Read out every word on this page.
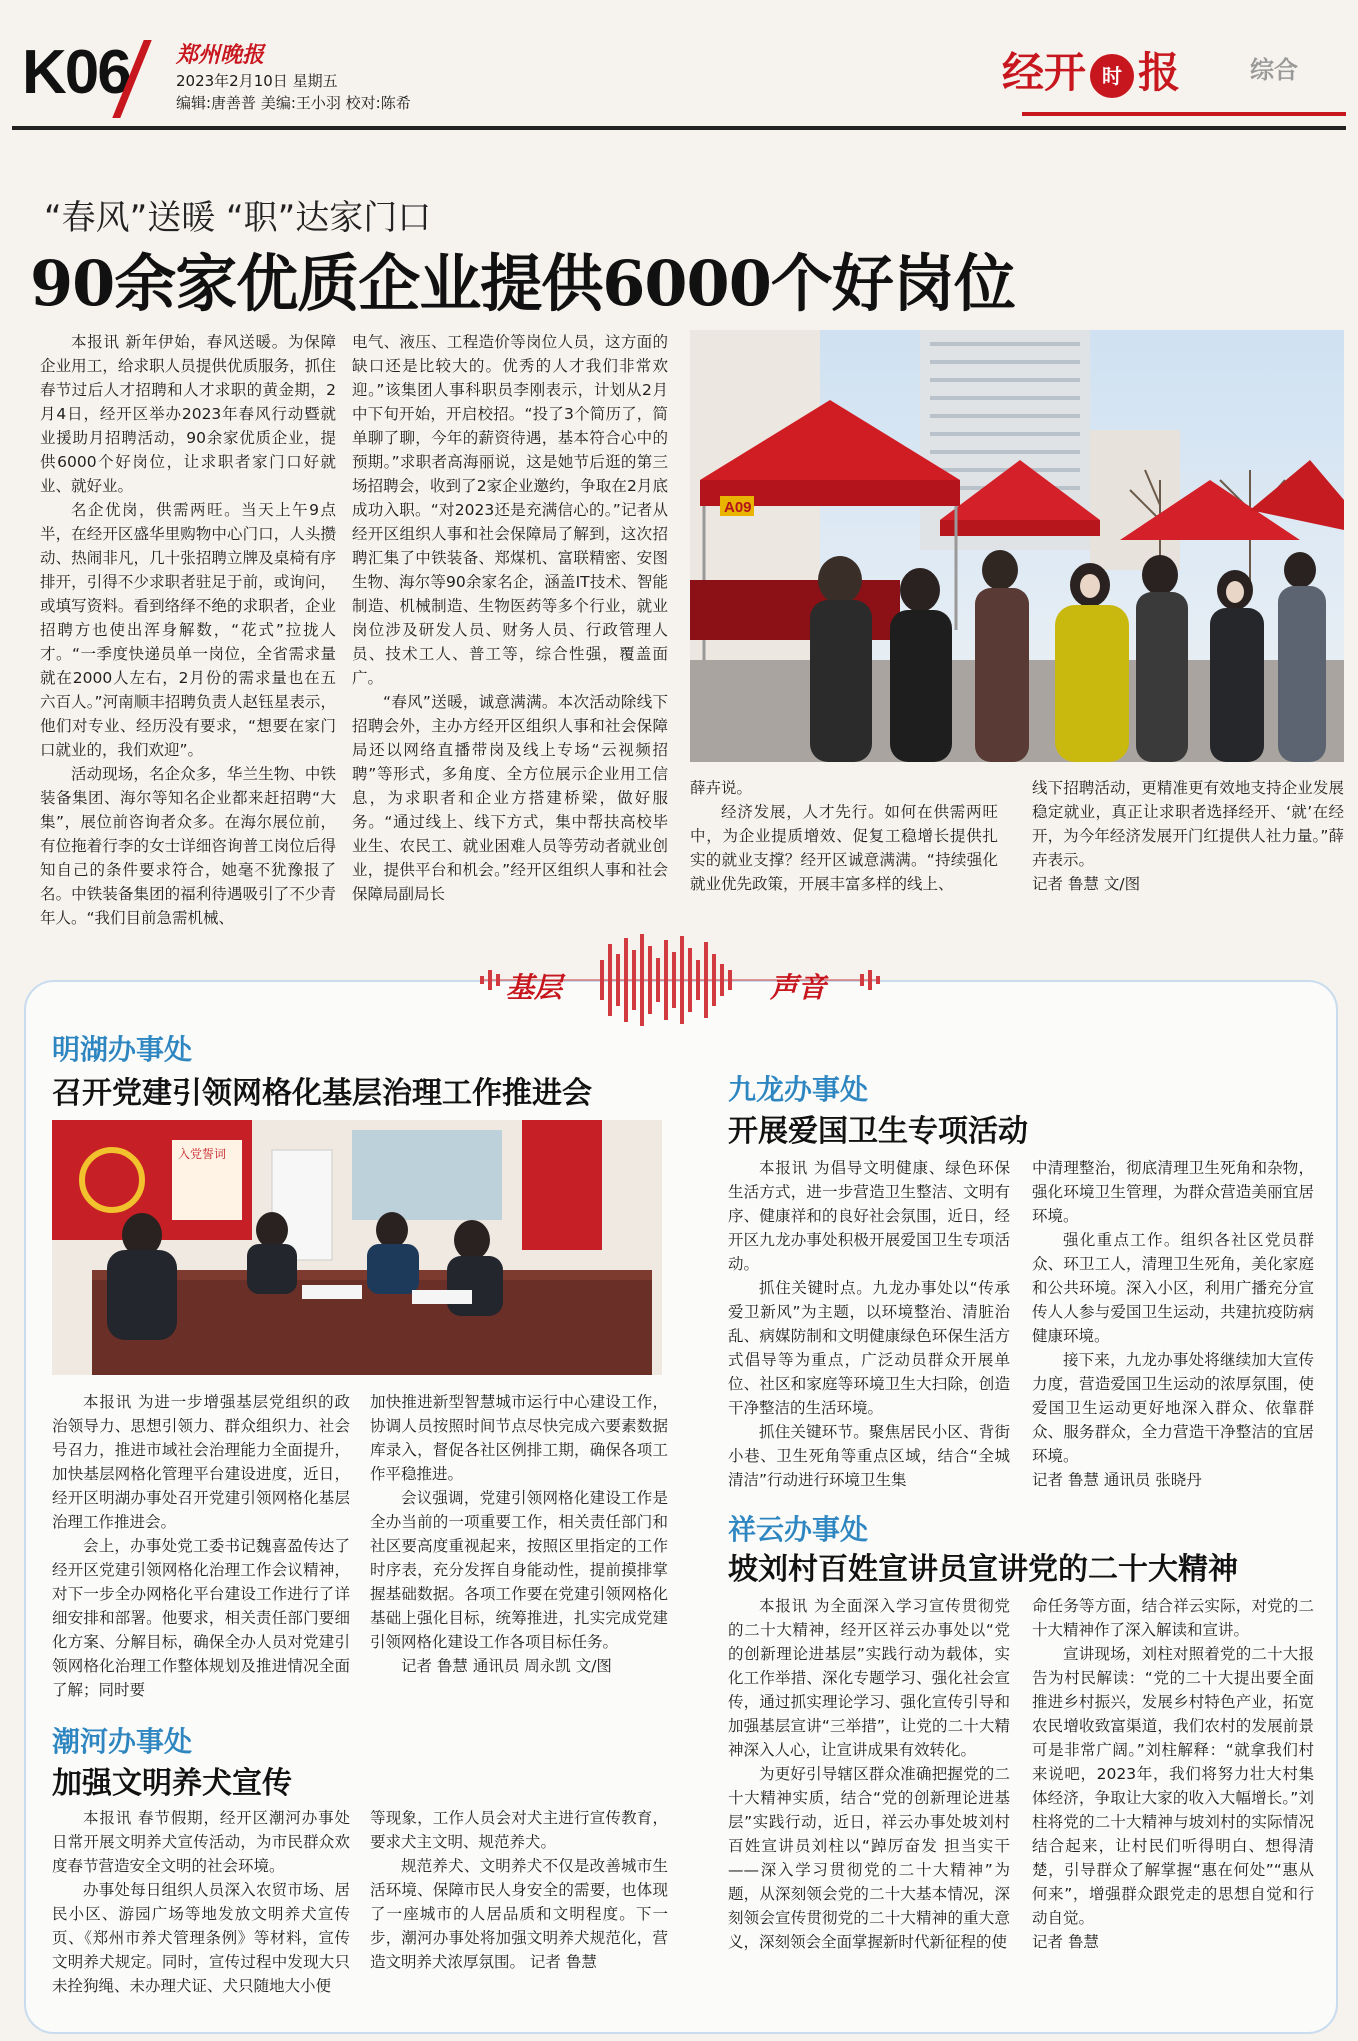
K06 郑州晚报
2023年2月10日 星期五
编辑:唐善普 美编:王小羽 校对:陈希
经开 时 报	综合
“春风”送暖 “职”达家门口
90余家优质企业提供6000个好岗位

本报讯 新年伊始，春风送暖。为保障企业用工，给求职人员提供优质服务，抓住春节过后人才招聘和人才求职的黄金期，2月4日，经开区举办2023年春风行动暨就业援助月招聘活动，90余家优质企业，提供6000个好岗位，让求职者家门口好就业、就好业。

名企优岗，供需两旺。当天上午9点半，在经开区盛华里购物中心门口，人头攒动、热闹非凡，几十张招聘立牌及桌椅有序排开，引得不少求职者驻足于前，或询问，或填写资料。看到络绎不绝的求职者，企业招聘方也使出浑身解数，“花式”拉拢人才。“一季度快递员单一岗位，全省需求量就在2000人左右，2月份的需求量也在五六百人。”河南顺丰招聘负责人赵钰星表示，他们对专业、经历没有要求，“想要在家门口就业的，我们欢迎”。

活动现场，名企众多，华兰生物、中铁装备集团、海尔等知名企业都来赶招聘“大集”，展位前咨询者众多。在海尔展位前，有位拖着行李的女士详细咨询普工岗位后得知自己的条件要求符合，她毫不犹豫报了名。中铁装备集团的福利待遇吸引了不少青年人。“我们目前急需机械、

电气、液压、工程造价等岗位人员，这方面的缺口还是比较大的。优秀的人才我们非常欢迎。”该集团人事科职员李刚表示，计划从2月中下旬开始，开启校招。“投了3个简历了，简单聊了聊，今年的薪资待遇，基本符合心中的预期。”求职者高海丽说，这是她节后逛的第三场招聘会，收到了2家企业邀约，争取在2月底成功入职。“对2023还是充满信心的。”记者从经开区组织人事和社会保障局了解到，这次招聘汇集了中铁装备、郑煤机、富联精密、安图生物、海尔等90余家名企，涵盖IT技术、智能制造、机械制造、生物医药等多个行业，就业岗位涉及研发人员、财务人员、行政管理人员、技术工人、普工等，综合性强，覆盖面广。

“春风”送暖，诚意满满。本次活动除线下招聘会外，主办方经开区组织人事和社会保障局还以网络直播带岗及线上专场“云视频招聘”等形式，多角度、全方位展示企业用工信息，为求职者和企业方搭建桥梁，做好服务。“通过线上、线下方式，集中帮扶高校毕业生、农民工、就业困难人员等劳动者就业创业，提供平台和机会。”经开区组织人事和社会保障局副局长

A09

薛卉说。

经济发展，人才先行。如何在供需两旺中，为企业提质增效、促复工稳增长提供扎实的就业支撑？经开区诚意满满。“持续强化就业优先政策，开展丰富多样的线上、

线下招聘活动，更精准更有效地支持企业发展稳定就业，真正让求职者选择经开、‘就’在经开，为今年经济发展开门红提供人社力量。”薛卉表示。

记者 鲁慧 文/图

基层	声音
明湖办事处
召开党建引领网格化基层治理工作推进会
入党誓词

本报讯 为进一步增强基层党组织的政治领导力、思想引领力、群众组织力、社会号召力，推进市域社会治理能力全面提升，加快基层网格化管理平台建设进度，近日，经开区明湖办事处召开党建引领网格化基层治理工作推进会。

会上，办事处党工委书记魏喜盈传达了经开区党建引领网格化治理工作会议精神，对下一步全办网格化平台建设工作进行了详细安排和部署。他要求，相关责任部门要细化方案、分解目标，确保全办人员对党建引领网格化治理工作整体规划及推进情况全面了解；同时要

加快推进新型智慧城市运行中心建设工作，协调人员按照时间节点尽快完成六要素数据库录入，督促各社区例排工期，确保各项工作平稳推进。

会议强调，党建引领网格化建设工作是全办当前的一项重要工作，相关责任部门和社区要高度重视起来，按照区里指定的工作时序表，充分发挥自身能动性，提前摸排掌握基础数据。各项工作要在党建引领网格化基础上强化目标，统筹推进，扎实完成党建引领网格化建设工作各项目标任务。

记者 鲁慧 通讯员 周永凯 文/图

潮河办事处
加强文明养犬宣传

本报讯 春节假期，经开区潮河办事处日常开展文明养犬宣传活动，为市民群众欢度春节营造安全文明的社会环境。

办事处每日组织人员深入农贸市场、居民小区、游园广场等地发放文明养犬宣传页、《郑州市养犬管理条例》等材料，宣传文明养犬规定。同时，宣传过程中发现大只未拴狗绳、未办理犬证、犬只随地大小便

等现象，工作人员会对犬主进行宣传教育，要求犬主文明、规范养犬。

规范养犬、文明养犬不仅是改善城市生活环境、保障市民人身安全的需要，也体现了一座城市的人居品质和文明程度。下一步，潮河办事处将加强文明养犬规范化，营造文明养犬浓厚氛围。 记者 鲁慧

九龙办事处
开展爱国卫生专项活动

本报讯 为倡导文明健康、绿色环保生活方式，进一步营造卫生整洁、文明有序、健康祥和的良好社会氛围，近日，经开区九龙办事处积极开展爱国卫生专项活动。

抓住关键时点。九龙办事处以“传承爱卫新风”为主题，以环境整治、清脏治乱、病媒防制和文明健康绿色环保生活方式倡导等为重点，广泛动员群众开展单位、社区和家庭等环境卫生大扫除，创造干净整洁的生活环境。

抓住关键环节。聚焦居民小区、背街小巷、卫生死角等重点区域，结合“全城清洁”行动进行环境卫生集

中清理整治，彻底清理卫生死角和杂物，强化环境卫生管理，为群众营造美丽宜居环境。

强化重点工作。组织各社区党员群众、环卫工人，清理卫生死角，美化家庭和公共环境。深入小区，利用广播充分宣传人人参与爱国卫生运动，共建抗疫防病健康环境。

接下来，九龙办事处将继续加大宣传力度，营造爱国卫生运动的浓厚氛围，使爱国卫生运动更好地深入群众、依靠群众、服务群众，全力营造干净整洁的宜居环境。

记者 鲁慧 通讯员 张晓丹

祥云办事处
坡刘村百姓宣讲员宣讲党的二十大精神

本报讯 为全面深入学习宣传贯彻党的二十大精神，经开区祥云办事处以“党的创新理论进基层”实践行动为载体，实化工作举措、深化专题学习、强化社会宣传，通过抓实理论学习、强化宣传引导和加强基层宣讲“三举措”，让党的二十大精神深入人心，让宣讲成果有效转化。

为更好引导辖区群众准确把握党的二十大精神实质，结合“党的创新理论进基层”实践行动，近日，祥云办事处坡刘村百姓宣讲员刘柱以“踔厉奋发 担当实干——深入学习贯彻党的二十大精神”为题，从深刻领会党的二十大基本情况，深刻领会宣传贯彻党的二十大精神的重大意义，深刻领会全面掌握新时代新征程的使

命任务等方面，结合祥云实际，对党的二十大精神作了深入解读和宣讲。

宣讲现场，刘柱对照着党的二十大报告为村民解读：“党的二十大提出要全面推进乡村振兴，发展乡村特色产业，拓宽农民增收致富渠道，我们农村的发展前景可是非常广阔。”刘柱解释：“就拿我们村来说吧，2023年，我们将努力壮大村集体经济，争取让大家的收入大幅增长。”刘柱将党的二十大精神与坡刘村的实际情况结合起来，让村民们听得明白、想得清楚，引导群众了解掌握“惠在何处”“惠从何来”，增强群众跟党走的思想自觉和行动自觉。

记者 鲁慧
